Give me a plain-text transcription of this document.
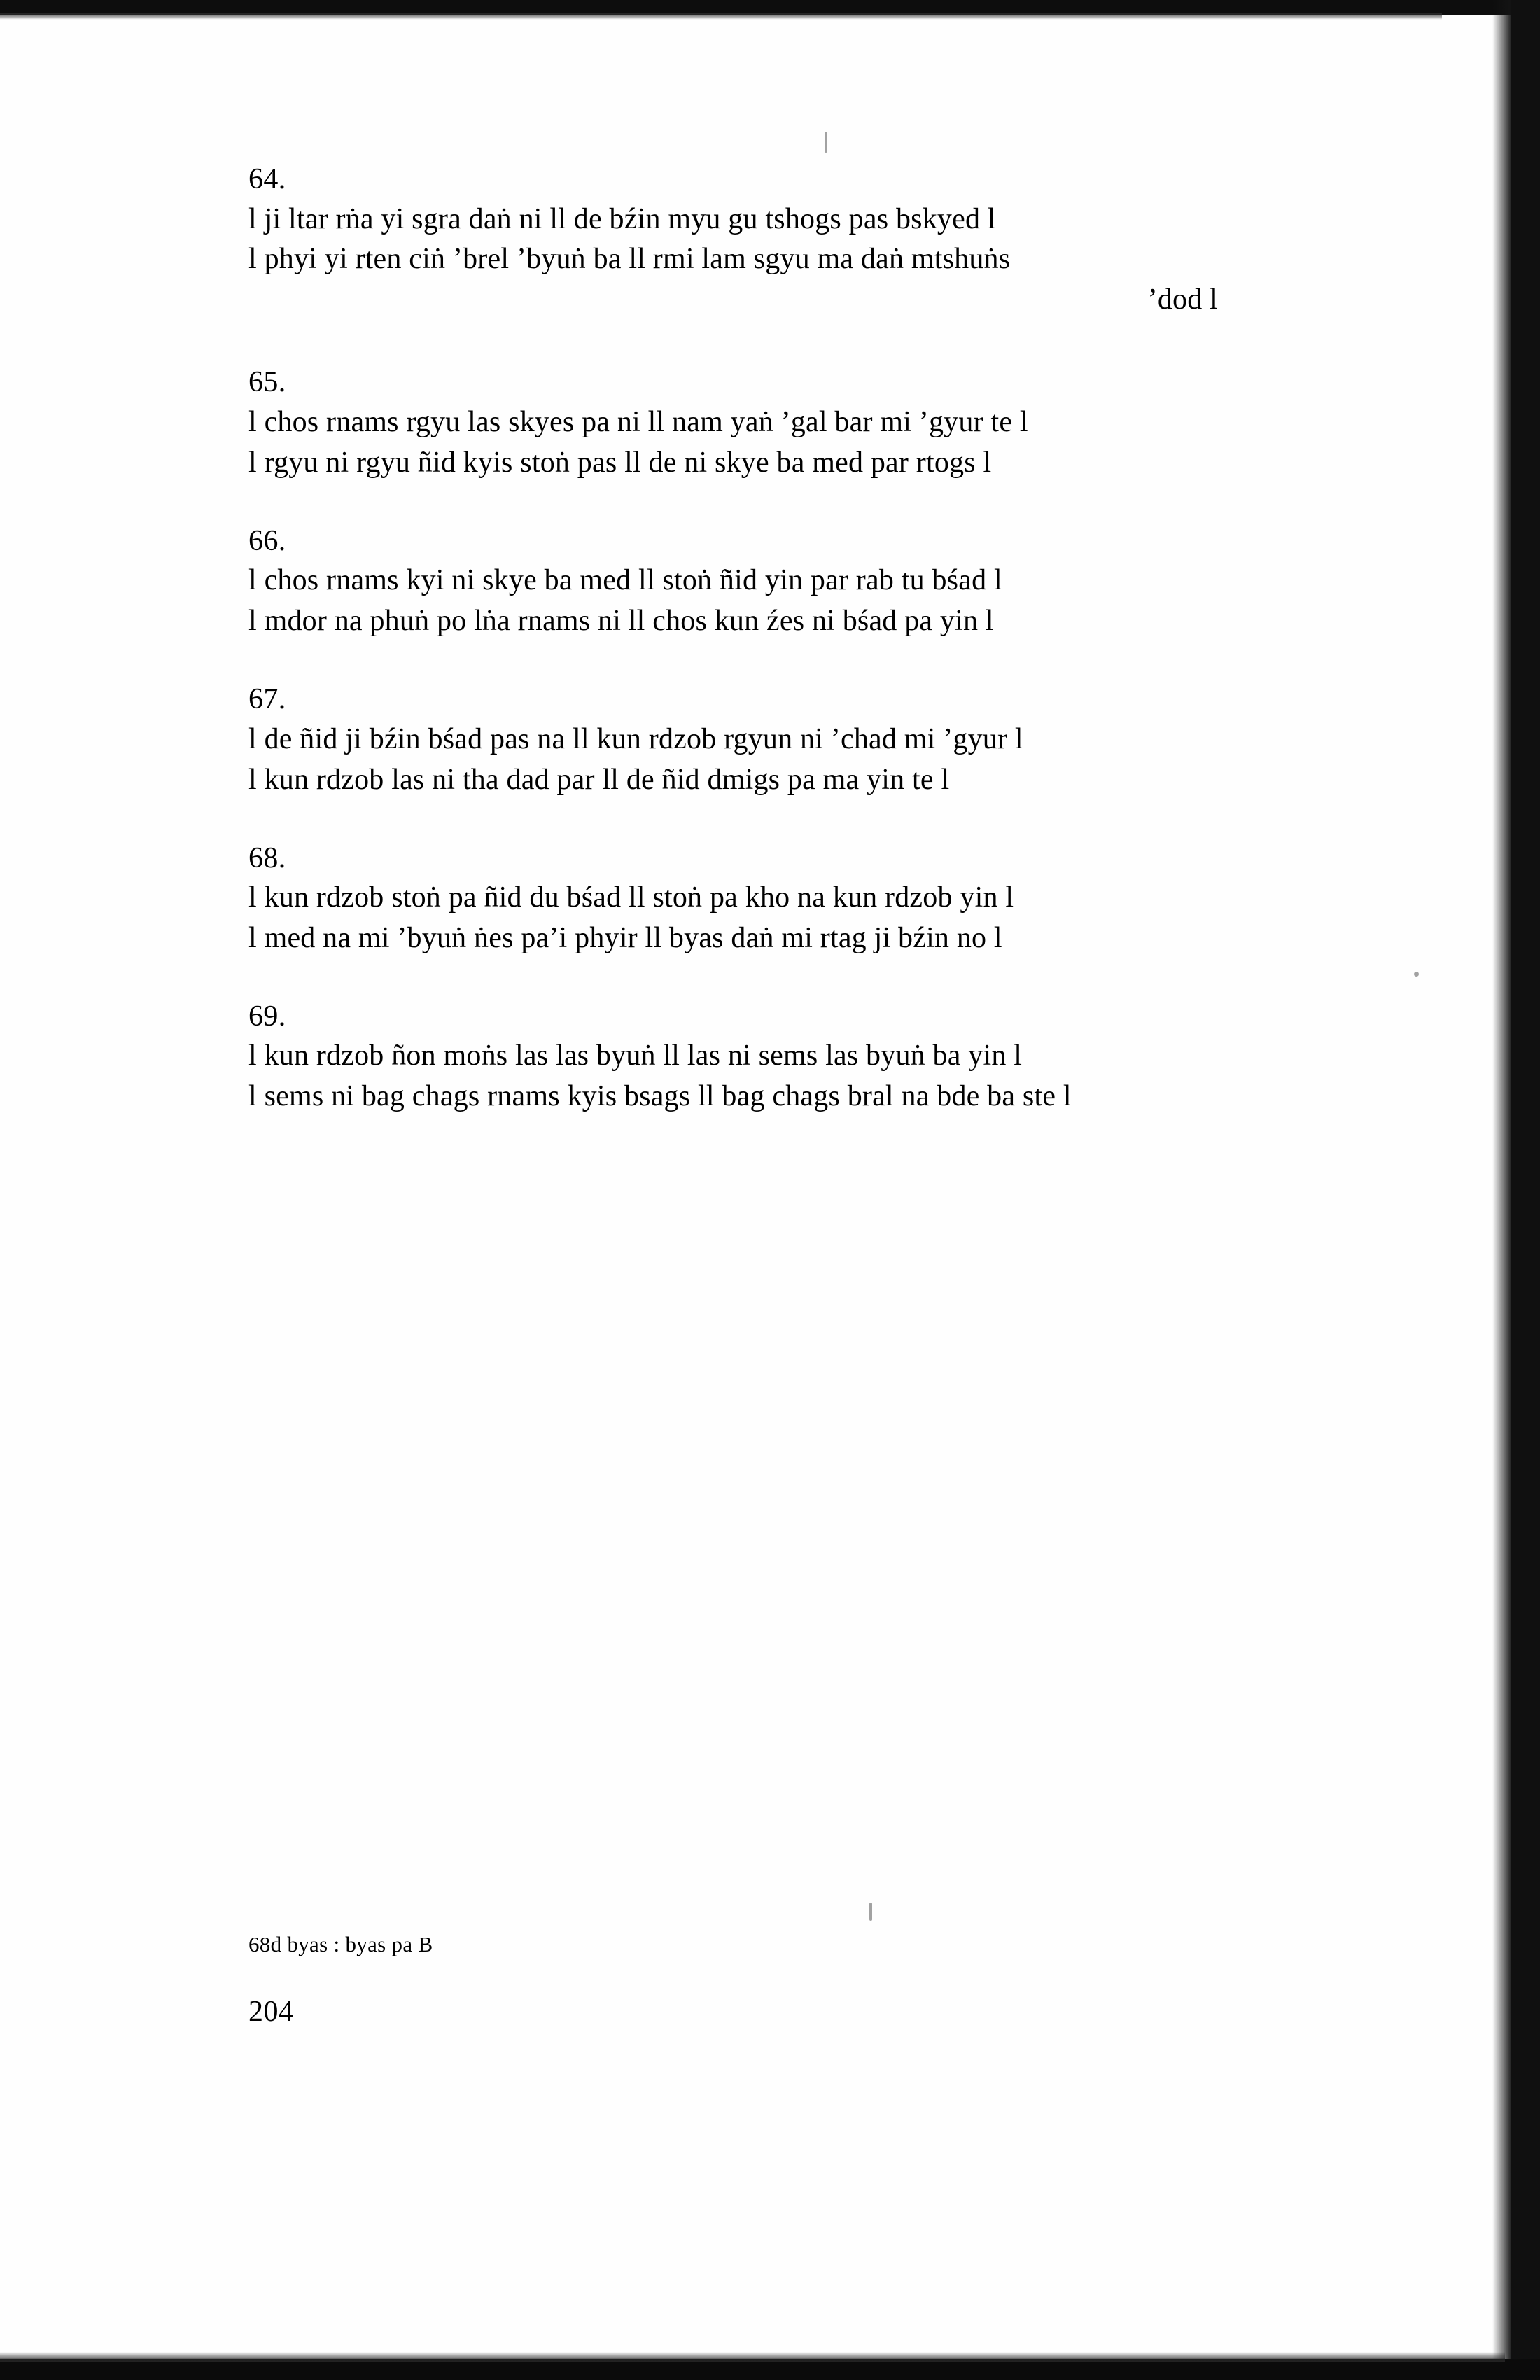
64.
l ji ltar rṅa yi sgra daṅ ni ll de bźin myu gu tshogs pas bskyed l
l phyi yi rten ciṅ ’brel ’byuṅ ba ll rmi lam sgyu ma daṅ mtshuṅs
’dod l
65.
l chos rnams rgyu las skyes pa ni ll nam yaṅ ’gal bar mi ’gyur te l
l rgyu ni rgyu ñid kyis stoṅ pas ll de ni skye ba med par rtogs l
66.
l chos rnams kyi ni skye ba med ll stoṅ ñid yin par rab tu bśad l
l mdor na phuṅ po lṅa rnams ni ll chos kun źes ni bśad pa yin l
67.
l de ñid ji bźin bśad pas na ll kun rdzob rgyun ni ’chad mi ’gyur l
l kun rdzob las ni tha dad par ll de ñid dmigs pa ma yin te l
68.
l kun rdzob stoṅ pa ñid du bśad ll stoṅ pa kho na kun rdzob yin l
l med na mi ’byuṅ ṅes pa’i phyir ll byas daṅ mi rtag ji bźin no l
69.
l kun rdzob ñon moṅs las las byuṅ ll las ni sems las byuṅ ba yin l
l sems ni bag chags rnams kyis bsags ll bag chags bral na bde ba ste l
68d byas : byas pa B
204
